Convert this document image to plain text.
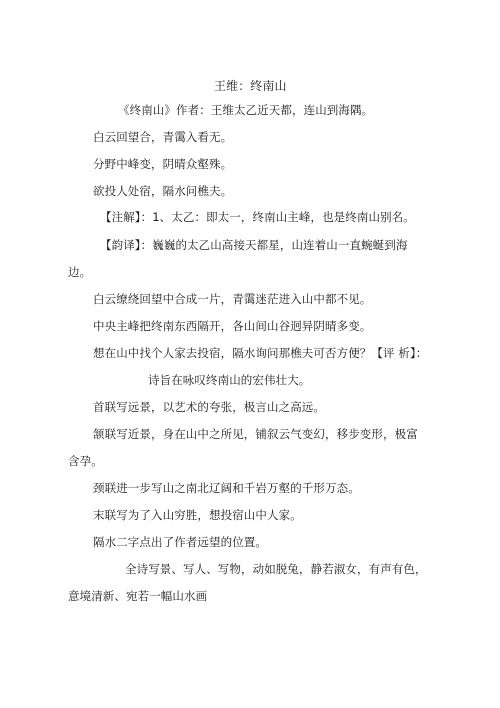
王维：终南山
《终南山》作者：王维太乙近天都，连山到海隅。
白云回望合，青霭入看无。
分野中峰变，阴晴众壑殊。
欲投人处宿，隔水问樵夫。
【注解】：1、太乙：即太一，终南山主峰，也是终南山别名。
【韵译】：巍巍的太乙山高接天都星，山连着山一直蜿蜒到海
边。
白云缭绕回望中合成一片，青霭迷茫进入山中都不见。
中央主峰把终南东西隔开，各山间山谷迥异阴晴多变。
想在山中找个人家去投宿，隔水询问那樵夫可否方便？【评 析】：
诗旨在咏叹终南山的宏伟壮大。
首联写远景，以艺术的夸张，极言山之高远。
颔联写近景，身在山中之所见，铺叙云气变幻，移步变形，极富
含孕。
颈联进一步写山之南北辽阔和千岩万壑的千形万态。
末联写为了入山穷胜，想投宿山中人家。
隔水二字点出了作者远望的位置。
全诗写景、写人、写物，动如脱兔，静若淑女，有声有色，
意境清新、宛若一幅山水画
